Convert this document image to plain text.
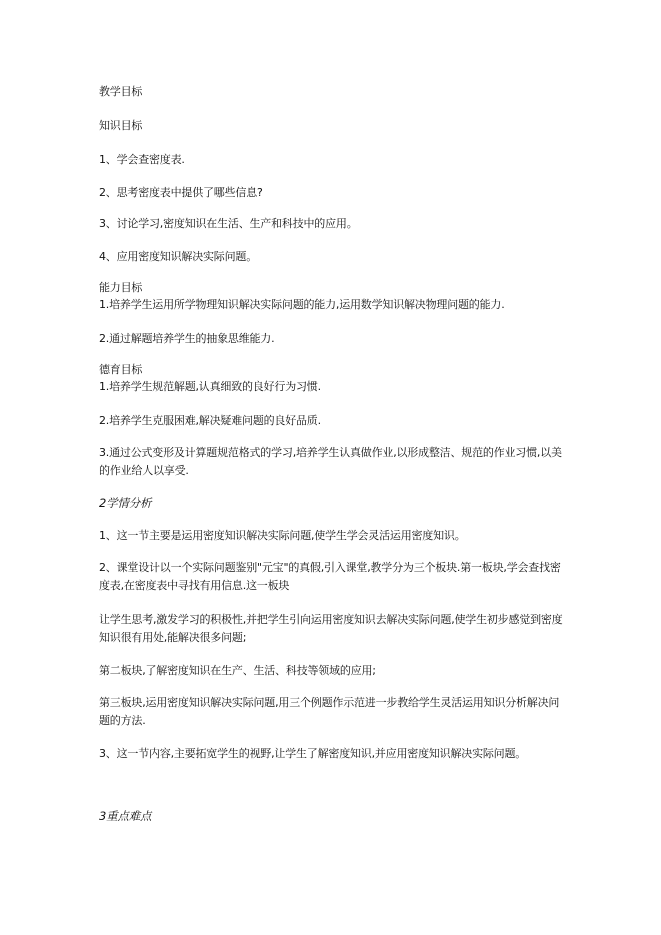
教学目标
知识目标
1、学会查密度表.
2、思考密度表中提供了哪些信息?
3、讨论学习,密度知识在生活、生产和科技中的应用。
4、应用密度知识解决实际问题。
能力目标
1.培养学生运用所学物理知识解决实际问题的能力,运用数学知识解决物理问题的能力.
2.通过解题培养学生的抽象思维能力.
德育目标
1.培养学生规范解题,认真细致的良好行为习惯.
2.培养学生克服困难,解决疑难问题的良好品质.
3.通过公式变形及计算题规范格式的学习,培养学生认真做作业,以形成整洁、规范的作业习惯,以美的作业给人以享受.
2学情分析
1、这一节主要是运用密度知识解决实际问题,使学生学会灵活运用密度知识。
2、课堂设计以一个实际问题鉴别"元宝"的真假,引入课堂,教学分为三个板块.第一板块,学会查找密度表,在密度表中寻找有用信息.这一板块
让学生思考,激发学习的积极性,并把学生引向运用密度知识去解决实际问题,使学生初步感觉到密度知识很有用处,能解决很多问题;
第二板块,了解密度知识在生产、生活、科技等领域的应用;
第三板块,运用密度知识解决实际问题,用三个例题作示范进一步教给学生灵活运用知识分析解决问题的方法.
3、这一节内容,主要拓宽学生的视野,让学生了解密度知识,并应用密度知识解决实际问题。
3重点难点
